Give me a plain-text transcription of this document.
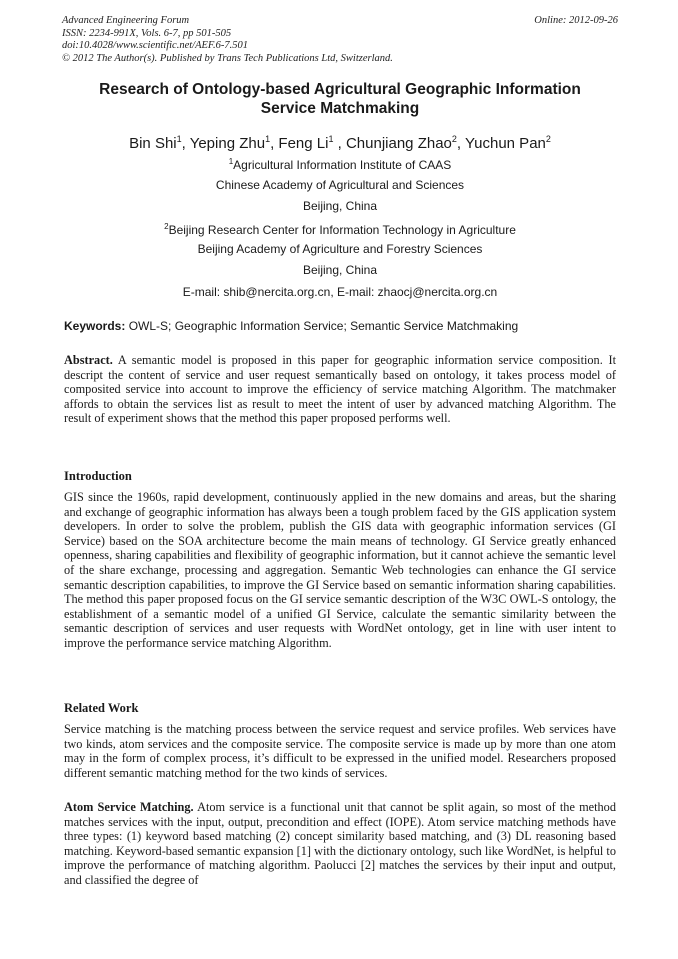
Advanced Engineering Forum
ISSN: 2234-991X, Vols. 6-7, pp 501-505
doi:10.4028/www.scientific.net/AEF.6-7.501
© 2012 The Author(s). Published by Trans Tech Publications Ltd, Switzerland.
Online: 2012-09-26
Research of Ontology-based Agricultural Geographic Information
Service Matchmaking
Bin Shi$^1$, Yeping Zhu$^1$, Feng Li$^1$ , Chunjiang Zhao$^2$, Yuchun Pan$^2$
$^1$Agricultural Information Institute of CAAS
Chinese Academy of Agricultural and Sciences
Beijing, China
$^2$Beijing Research Center for Information Technology in Agriculture
Beijing Academy of Agriculture and Forestry Sciences
Beijing, China
E-mail: shib@nercita.org.cn, E-mail: zhaocj@nercita.org.cn
Keywords: OWL-S; Geographic Information Service; Semantic Service Matchmaking
Abstract. A semantic model is proposed in this paper for geographic information service composition. It descript the content of service and user request semantically based on ontology, it takes process model of composited service into account to improve the efficiency of service matching Algorithm. The matchmaker affords to obtain the services list as result to meet the intent of user by advanced matching Algorithm. The result of experiment shows that the method this paper proposed performs well.
Introduction
GIS since the 1960s, rapid development, continuously applied in the new domains and areas, but the sharing and exchange of geographic information has always been a tough problem faced by the GIS application system developers. In order to solve the problem, publish the GIS data with geographic information services (GI Service) based on the SOA architecture become the main means of technology. GI Service greatly enhanced openness, sharing capabilities and flexibility of geographic information, but it cannot achieve the semantic level of the share exchange, processing and aggregation. Semantic Web technologies can enhance the GI service semantic description capabilities, to improve the GI Service based on semantic information sharing capabilities. The method this paper proposed focus on the GI service semantic description of the W3C OWL-S ontology, the establishment of a semantic model of a unified GI Service, calculate the semantic similarity between the semantic description of services and user requests with WordNet ontology, get in line with user intent to improve the performance service matching Algorithm.
Related Work
Service matching is the matching process between the service request and service profiles. Web services have two kinds, atom services and the composite service. The composite service is made up by more than one atom may in the form of complex process, it’s difficult to be expressed in the unified model. Researchers proposed different semantic matching method for the two kinds of services.
Atom Service Matching. Atom service is a functional unit that cannot be split again, so most of the method matches services with the input, output, precondition and effect (IOPE). Atom service matching methods have three types: (1) keyword based matching (2) concept similarity based matching, and (3) DL reasoning based matching. Keyword-based semantic expansion [1] with the dictionary ontology, such like WordNet, is helpful to improve the performance of matching algorithm. Paolucci [2] matches the services by their input and output, and classified the degree of
